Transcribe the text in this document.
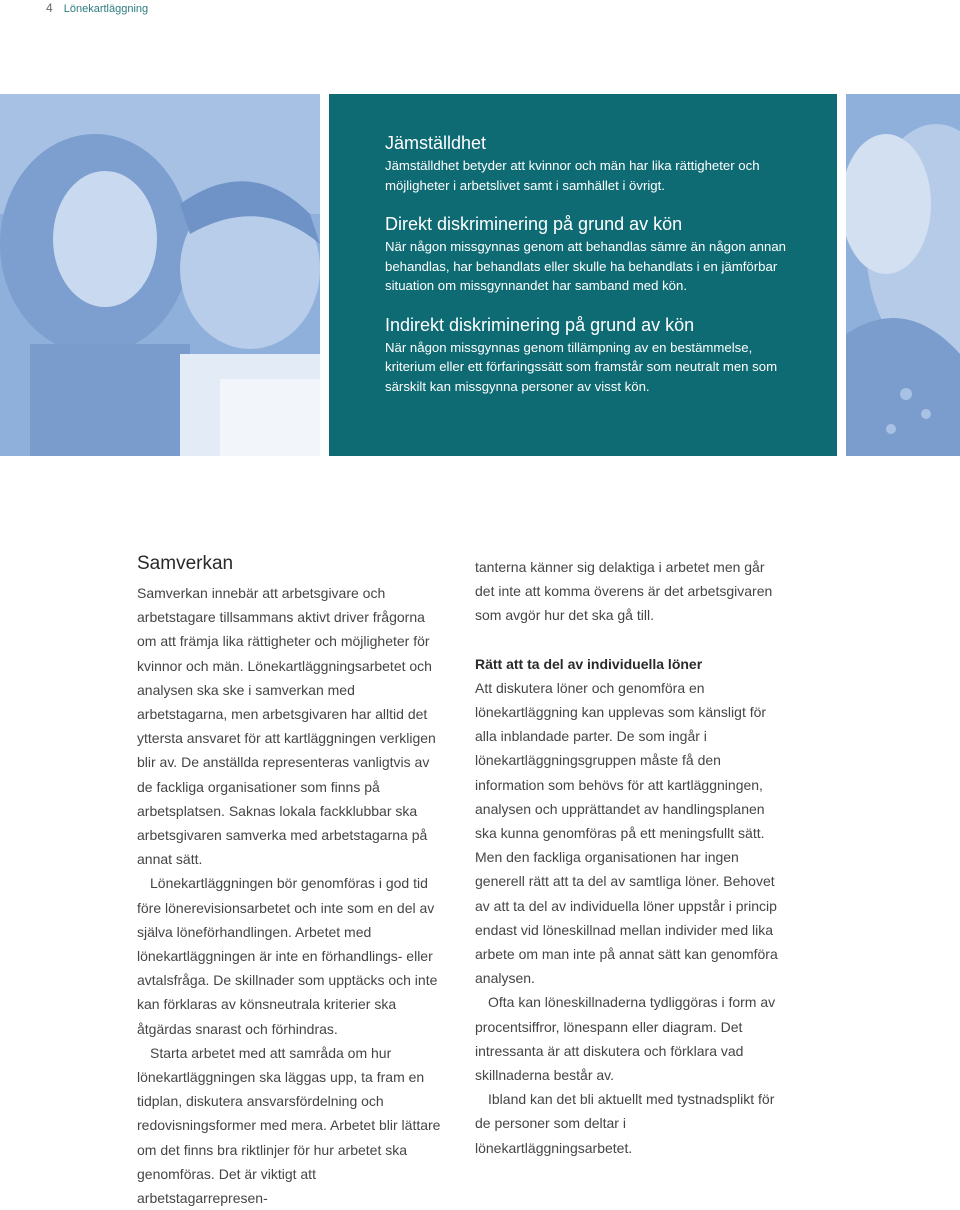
4 Lönekartläggning
Jämställdhet

Jämställdhet betyder att kvinnor och män har lika rättigheter och möjligheter i arbetslivet samt i samhället i övrigt.

Direkt diskriminering på grund av kön

När någon missgynnas genom att behandlas sämre än någon annan behandlas, har behandlats eller skulle ha behandlats i en jämförbar situation om missgynnandet har samband med kön.

Indirekt diskriminering på grund av kön

När någon missgynnas genom tillämpning av en bestämmelse, kriterium eller ett förfaringssätt som framstår som neutralt men som särskilt kan missgynna personer av visst kön.

Samverkan

Samverkan innebär att arbetsgivare och arbetstagare tillsammans aktivt driver frågorna om att främja lika rättigheter och möjligheter för kvinnor och män. Lönekartläggningsarbetet och analysen ska ske i samverkan med arbetstagarna, men arbetsgivaren har alltid det yttersta ansvaret för att kartläggningen verkligen blir av. De anställda representeras vanligtvis av de fackliga organisationer som finns på arbetsplatsen. Saknas lokala fackklubbar ska arbetsgivaren samverka med arbetstagarna på annat sätt.

Lönekartläggningen bör genomföras i god tid före lönerevisionsarbetet och inte som en del av själva löneförhandlingen. Arbetet med lönekartläggningen är inte en förhandlings- eller avtalsfråga. De skillnader som upptäcks och inte kan förklaras av könsneutrala kriterier ska åtgärdas snarast och förhindras.

Starta arbetet med att samråda om hur lönekartläggningen ska läggas upp, ta fram en tidplan, diskutera ansvarsfördelning och redovisningsformer med mera. Arbetet blir lättare om det finns bra riktlinjer för hur arbetet ska genomföras. Det är viktigt att arbetstagarrepresen-

tanterna känner sig delaktiga i arbetet men går det inte att komma överens är det arbetsgivaren som avgör hur det ska gå till.

Rätt att ta del av individuella löner

Att diskutera löner och genomföra en lönekartläggning kan upplevas som känsligt för alla inblandade parter. De som ingår i lönekartläggningsgruppen måste få den information som behövs för att kartläggningen, analysen och upprättandet av handlingsplanen ska kunna genomföras på ett meningsfullt sätt. Men den fackliga organisationen har ingen generell rätt att ta del av samtliga löner. Behovet av att ta del av individuella löner uppstår i princip endast vid löneskillnad mellan individer med lika arbete om man inte på annat sätt kan genomföra analysen.

Ofta kan löneskillnaderna tydliggöras i form av procentsiffror, lönespann eller diagram. Det intressanta är att diskutera och förklara vad skillnaderna består av.

Ibland kan det bli aktuellt med tystnadsplikt för de personer som deltar i lönekartläggningsarbetet.
